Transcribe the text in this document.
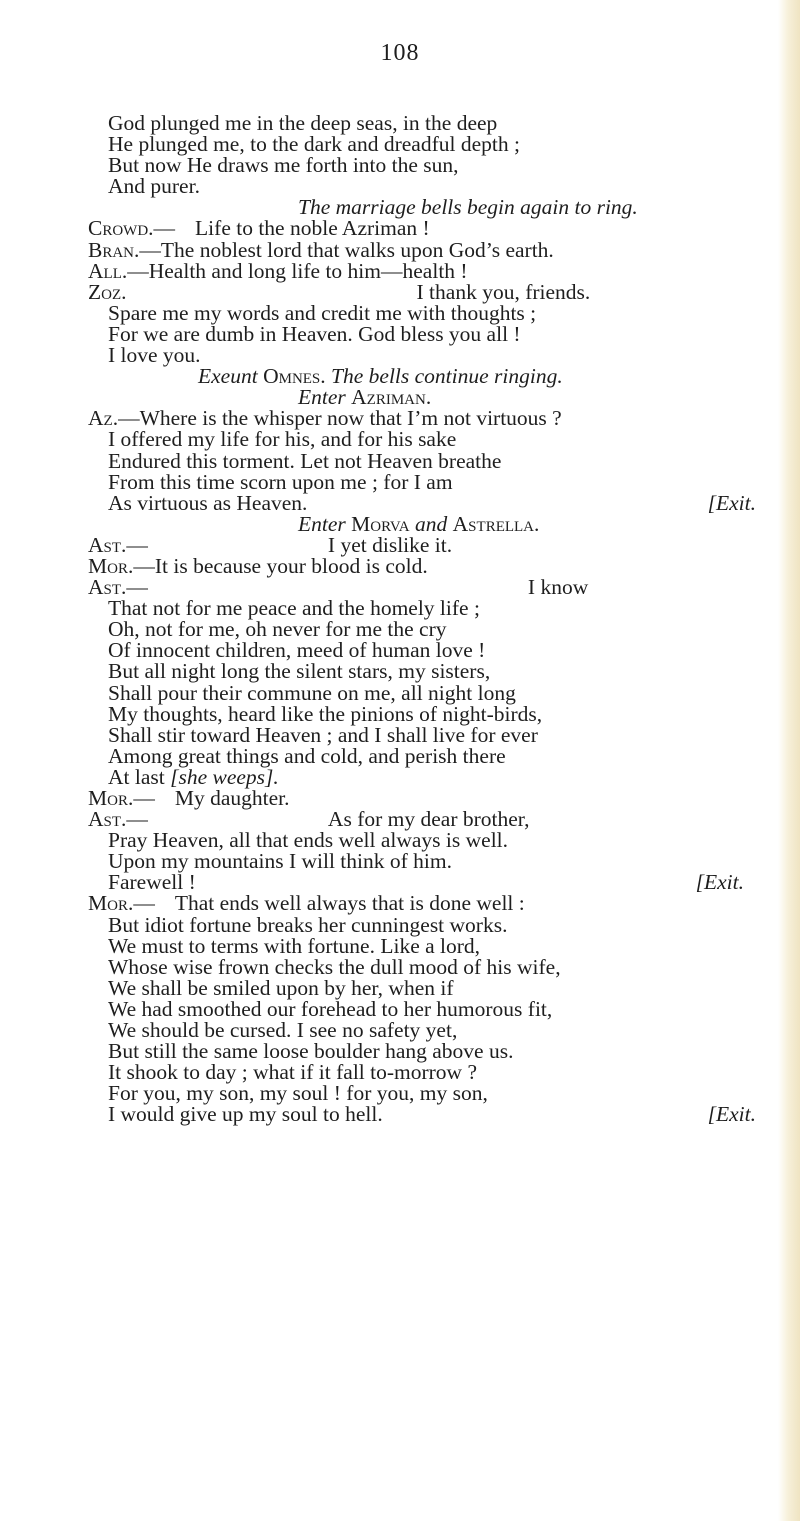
108
God plunged me in the deep seas, in the deep
He plunged me, to the dark and dreadful depth ;
But now He draws me forth into the sun,
And purer.
The marriage bells begin again to ring.
Crowd.— Life to the noble Azriman !
Bran.—The noblest lord that walks upon God’s earth.
All.—Health and long life to him—health !
Zoz.	I thank you, friends.
Spare me my words and credit me with thoughts ;
For we are dumb in Heaven. God bless you all !
I love you.
Exeunt Omnes. The bells continue ringing.
Enter Azriman.
Az.—Where is the whisper now that I’m not virtuous ?
I offered my life for his, and for his sake
Endured this torment. Let not Heaven breathe
From this time scorn upon me ; for I am
As virtuous as Heaven.	[Exit.
Enter Morva and Astrella.
Ast.—	I yet dislike it.
Mor.—It is because your blood is cold.
Ast.—	I know
That not for me peace and the homely life ;
Oh, not for me, oh never for me the cry
Of innocent children, meed of human love !
But all night long the silent stars, my sisters,
Shall pour their commune on me, all night long
My thoughts, heard like the pinions of night-birds,
Shall stir toward Heaven ; and I shall live for ever
Among great things and cold, and perish there
At last [she weeps].
Mor.— My daughter.
Ast.—	As for my dear brother,
Pray Heaven, all that ends well always is well.
Upon my mountains I will think of him.
Farewell !	[Exit.
Mor.— That ends well always that is done well :
But idiot fortune breaks her cunningest works.
We must to terms with fortune. Like a lord,
Whose wise frown checks the dull mood of his wife,
We shall be smiled upon by her, when if
We had smoothed our forehead to her humorous fit,
We should be cursed. I see no safety yet,
But still the same loose boulder hang above us.
It shook to day ; what if it fall to-morrow ?
For you, my son, my soul ! for you, my son,
I would give up my soul to hell.	[Exit.
